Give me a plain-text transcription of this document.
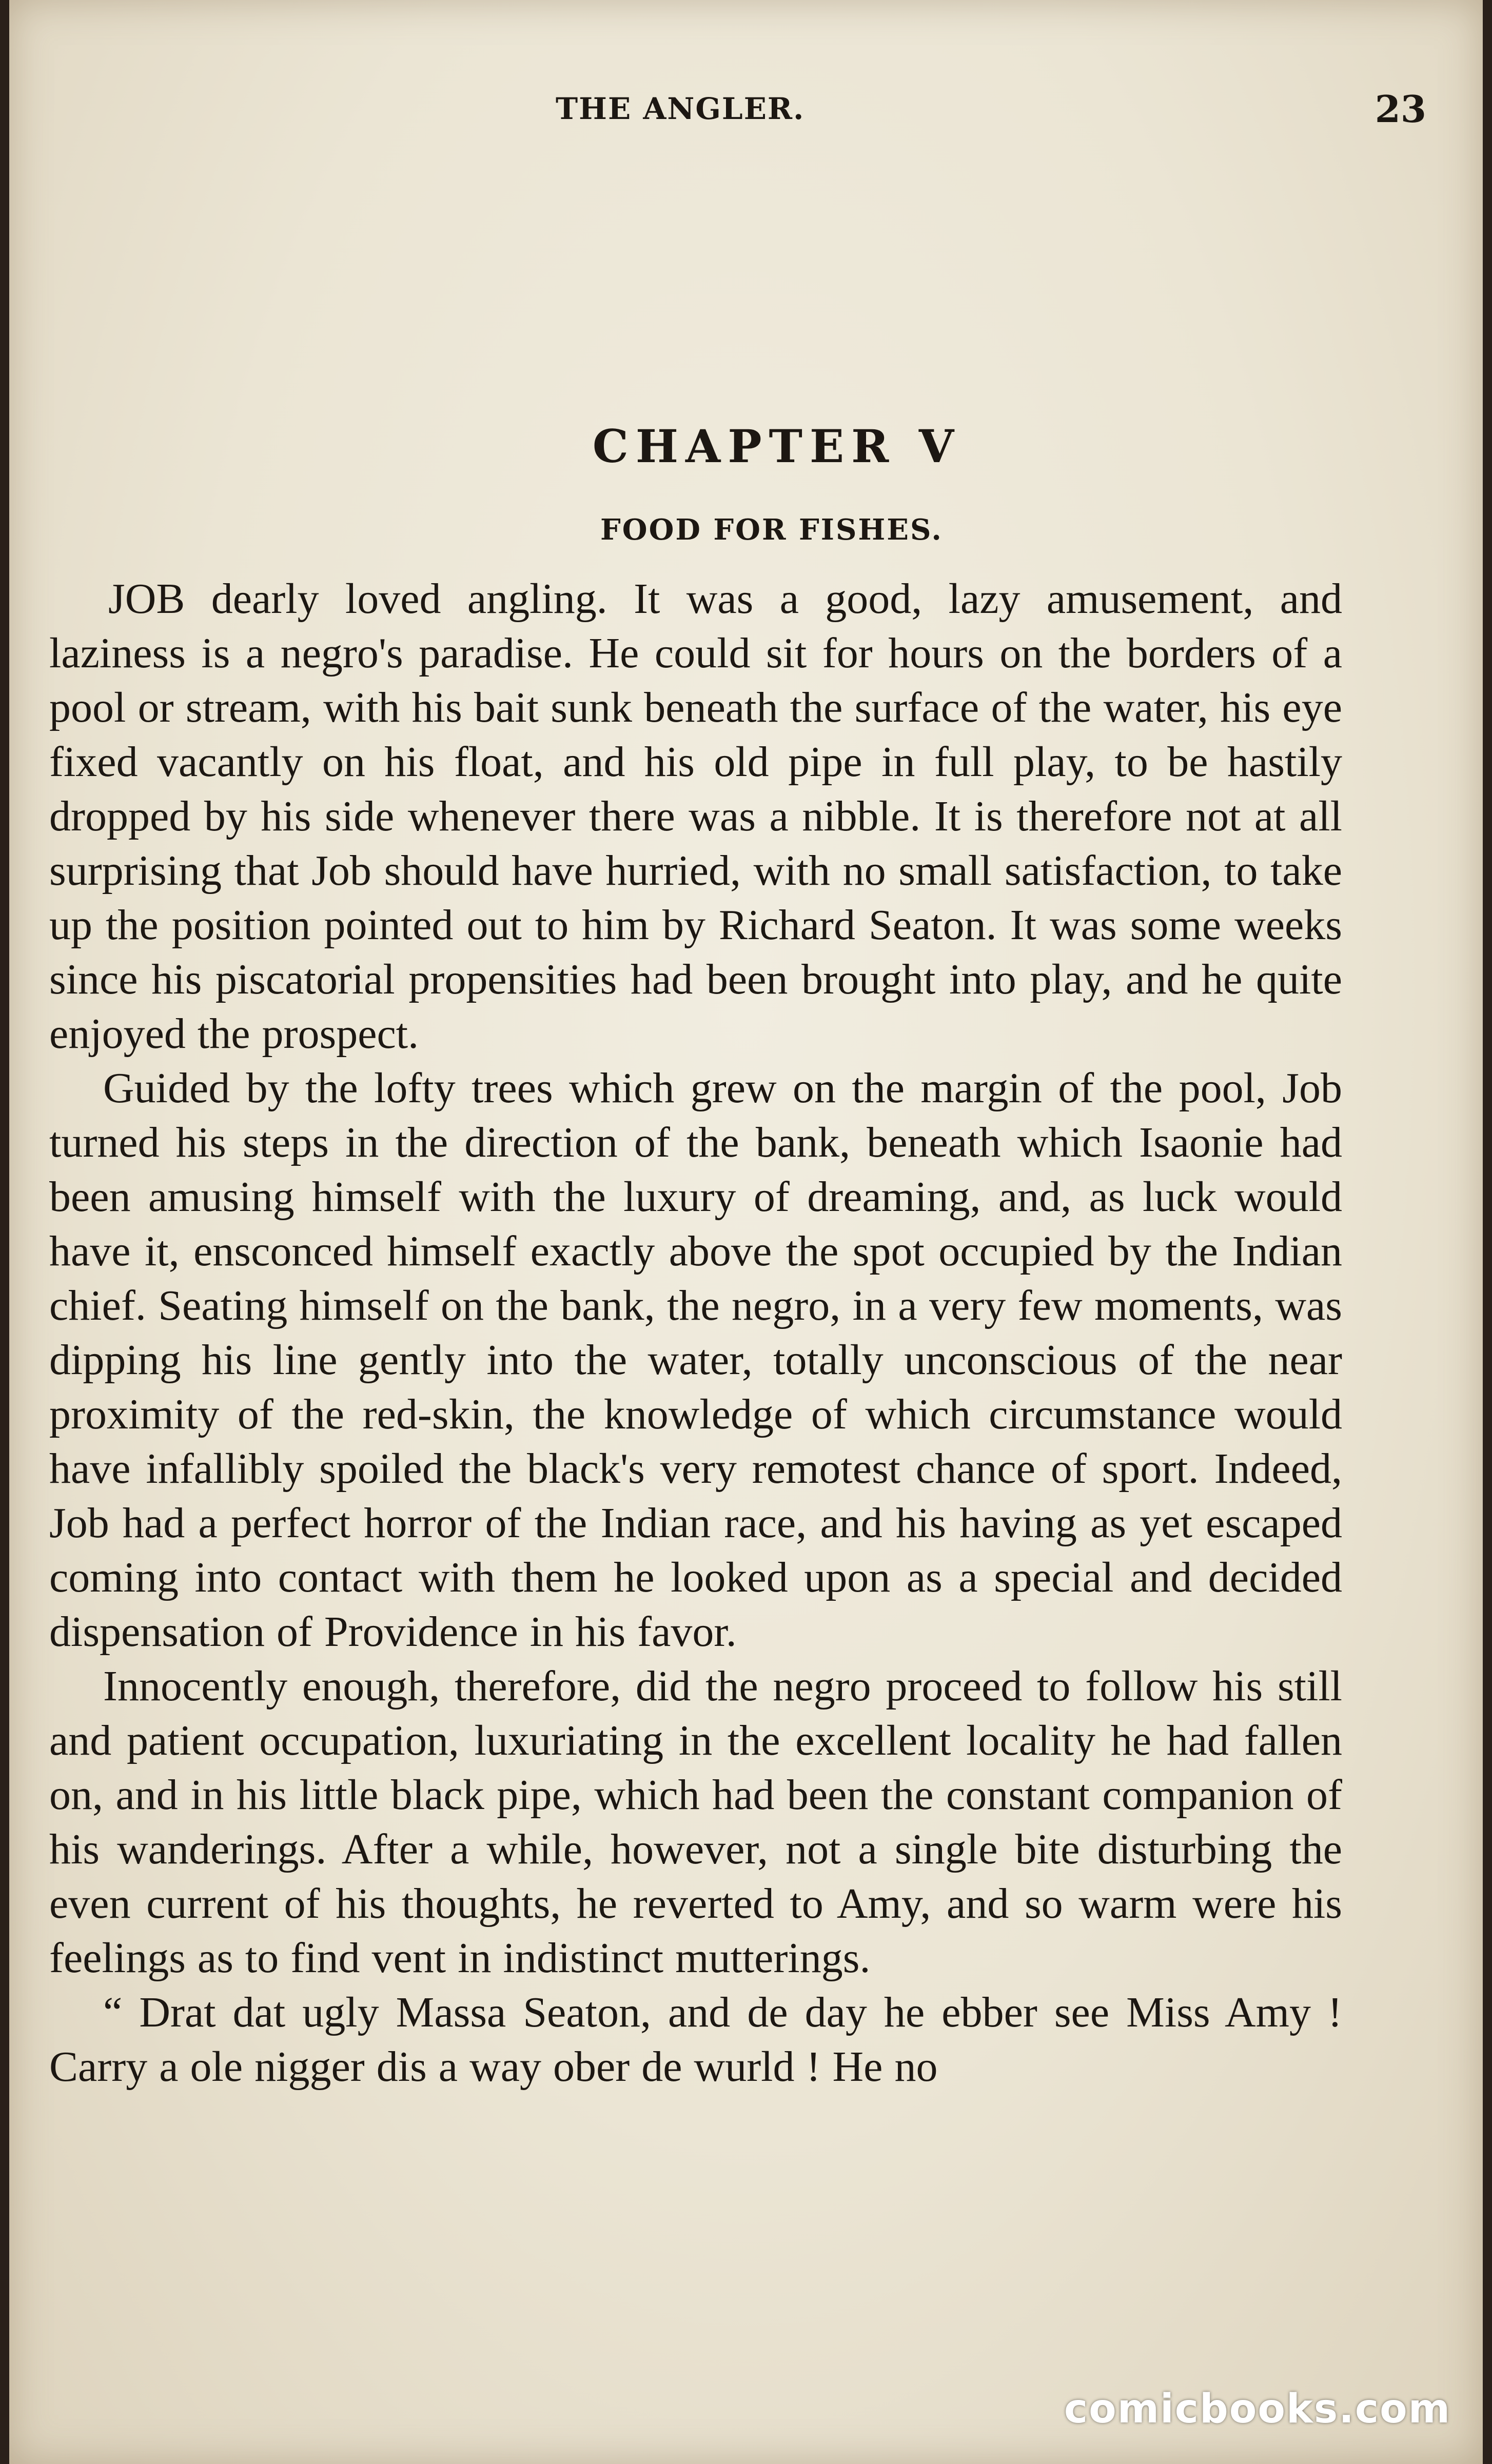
THE ANGLER.	23
CHAPTER V
FOOD FOR FISHES.

JOB dearly loved angling. It was a good, lazy amusement, and laziness is a negro's paradise. He could sit for hours on the borders of a pool or stream, with his bait sunk beneath the surface of the water, his eye fixed vacantly on his float, and his old pipe in full play, to be hastily dropped by his side whenever there was a nibble. It is therefore not at all surprising that Job should have hurried, with no small satisfaction, to take up the position pointed out to him by Richard Seaton. It was some weeks since his piscatorial propensities had been brought into play, and he quite enjoyed the prospect.

Guided by the lofty trees which grew on the margin of the pool, Job turned his steps in the direction of the bank, beneath which Isaonie had been amusing himself with the luxury of dreaming, and, as luck would have it, ensconced himself exactly above the spot occupied by the Indian chief. Seating himself on the bank, the negro, in a very few moments, was dipping his line gently into the water, totally unconscious of the near proximity of the red-skin, the knowledge of which circumstance would have infallibly spoiled the black's very remotest chance of sport. Indeed, Job had a perfect horror of the Indian race, and his having as yet escaped coming into contact with them he looked upon as a special and decided dispensation of Providence in his favor.

Innocently enough, therefore, did the negro proceed to follow his still and patient occupation, luxuriating in the excellent locality he had fallen on, and in his little black pipe, which had been the constant companion of his wanderings. After a while, however, not a single bite disturbing the even current of his thoughts, he reverted to Amy, and so warm were his feelings as to find vent in indistinct mutterings.

“ Drat dat ugly Massa Seaton, and de day he ebber see Miss Amy ! Carry a ole nigger dis a way ober de wurld ! He no

comicbooks.com
